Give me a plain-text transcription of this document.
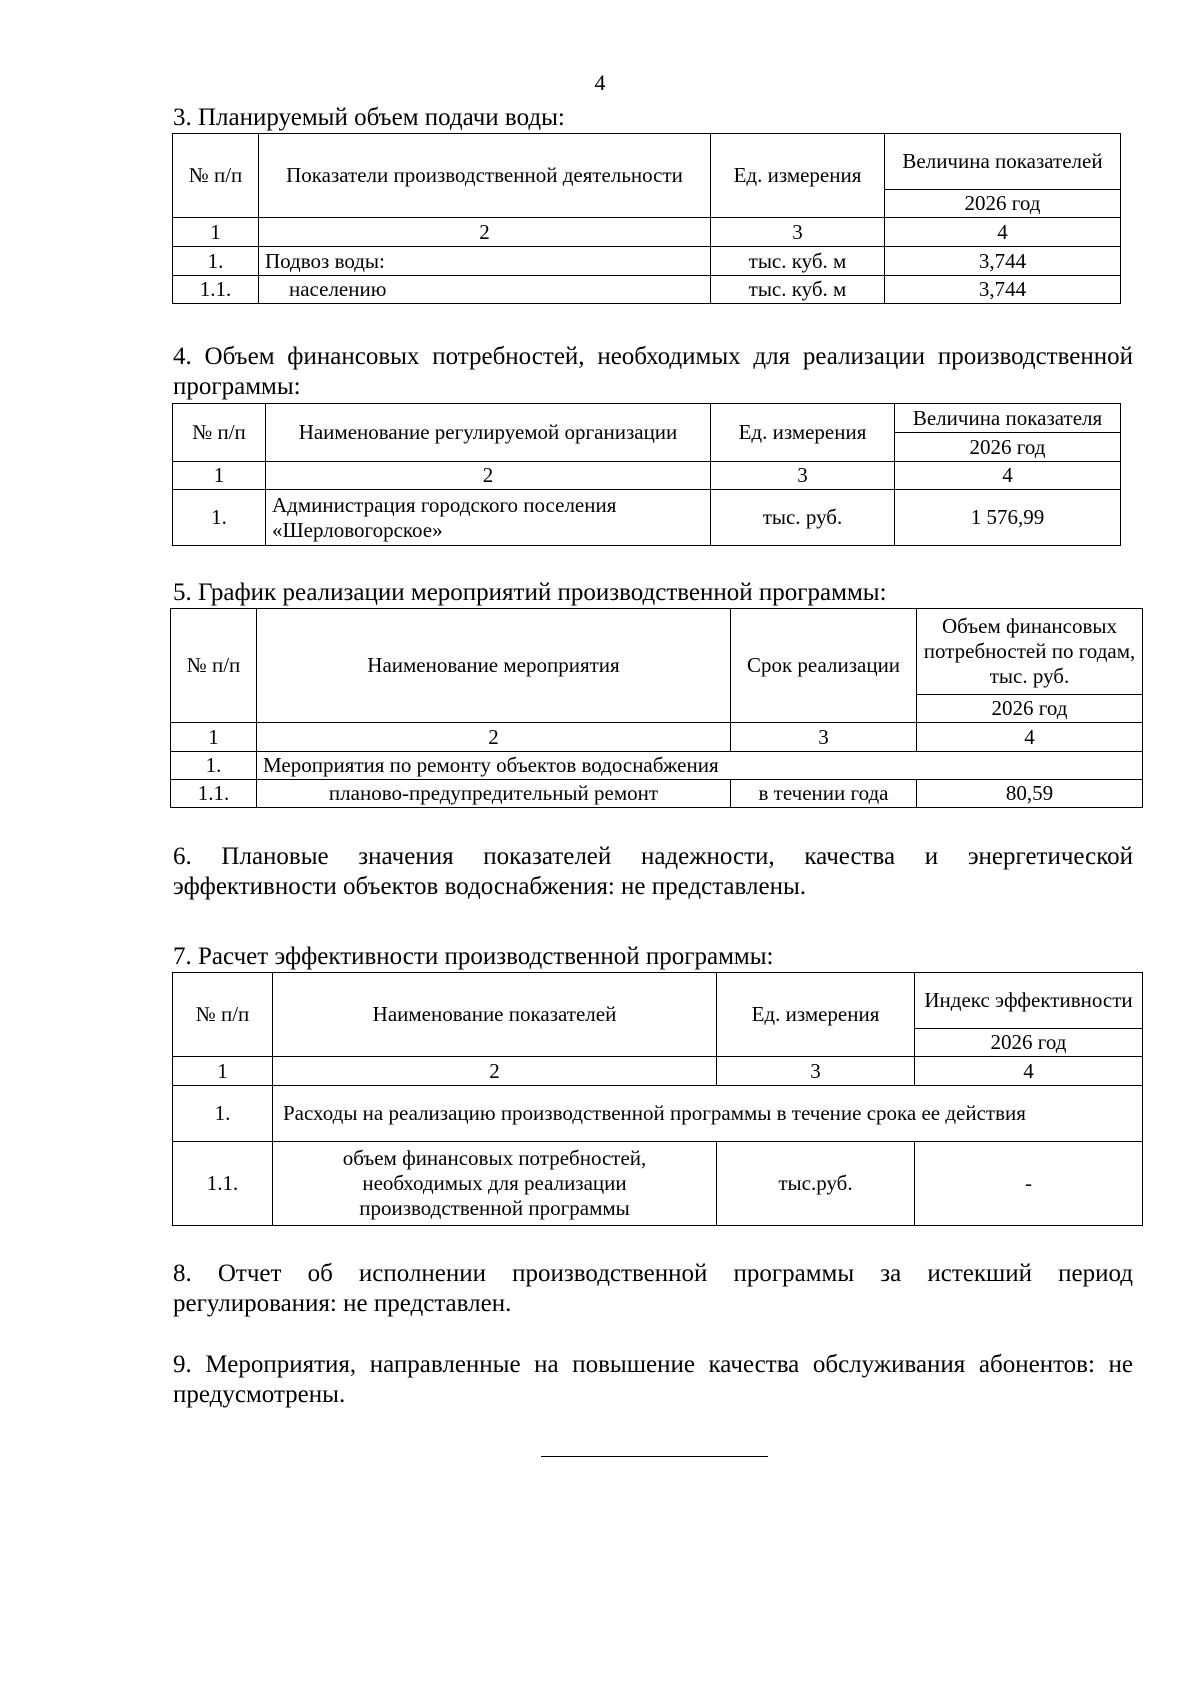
4
3. Планируемый объем подачи воды:
№ п/п	Показатели производственной деятельности	Ед. измерения	Величина показателей
			2026 год
1	2	3	4
1.	Подвоз воды:	тыс. куб. м	3,744
1.1.	населению	тыс. куб. м	3,744
4. Объем финансовых потребностей, необходимых для реализации производственной программы:
№ п/п	Наименование регулируемой организации	Ед. измерения	Величина показателя
			2026 год
1	2	3	4
1.	Администрация городского поселения «Шерловогорское»	тыс. руб.	1 576,99
5. График реализации мероприятий производственной программы:
№ п/п	Наименование мероприятия	Срок реализации	Объем финансовых потребностей по годам, тыс. руб.
			2026 год
1	2	3	4
1.	Мероприятия по ремонту объектов водоснабжения		
1.1.	планово-предупредительный ремонт	в течении года	80,59
6. Плановые значения показателей надежности, качества и энергетической эффективности объектов водоснабжения: не представлены.
7. Расчет эффективности производственной программы:
№ п/п	Наименование показателей	Ед. измерения	Индекс эффективности
			2026 год
1	2	3	4
1.	Расходы на реализацию производственной программы в течение срока ее действия		
1.1.	объем финансовых потребностей,
необходимых для реализации
производственной программы	тыс.руб.	-
8. Отчет об исполнении производственной программы за истекший период регулирования: не представлен.
9. Мероприятия, направленные на повышение качества обслуживания абонентов: не предусмотрены.
